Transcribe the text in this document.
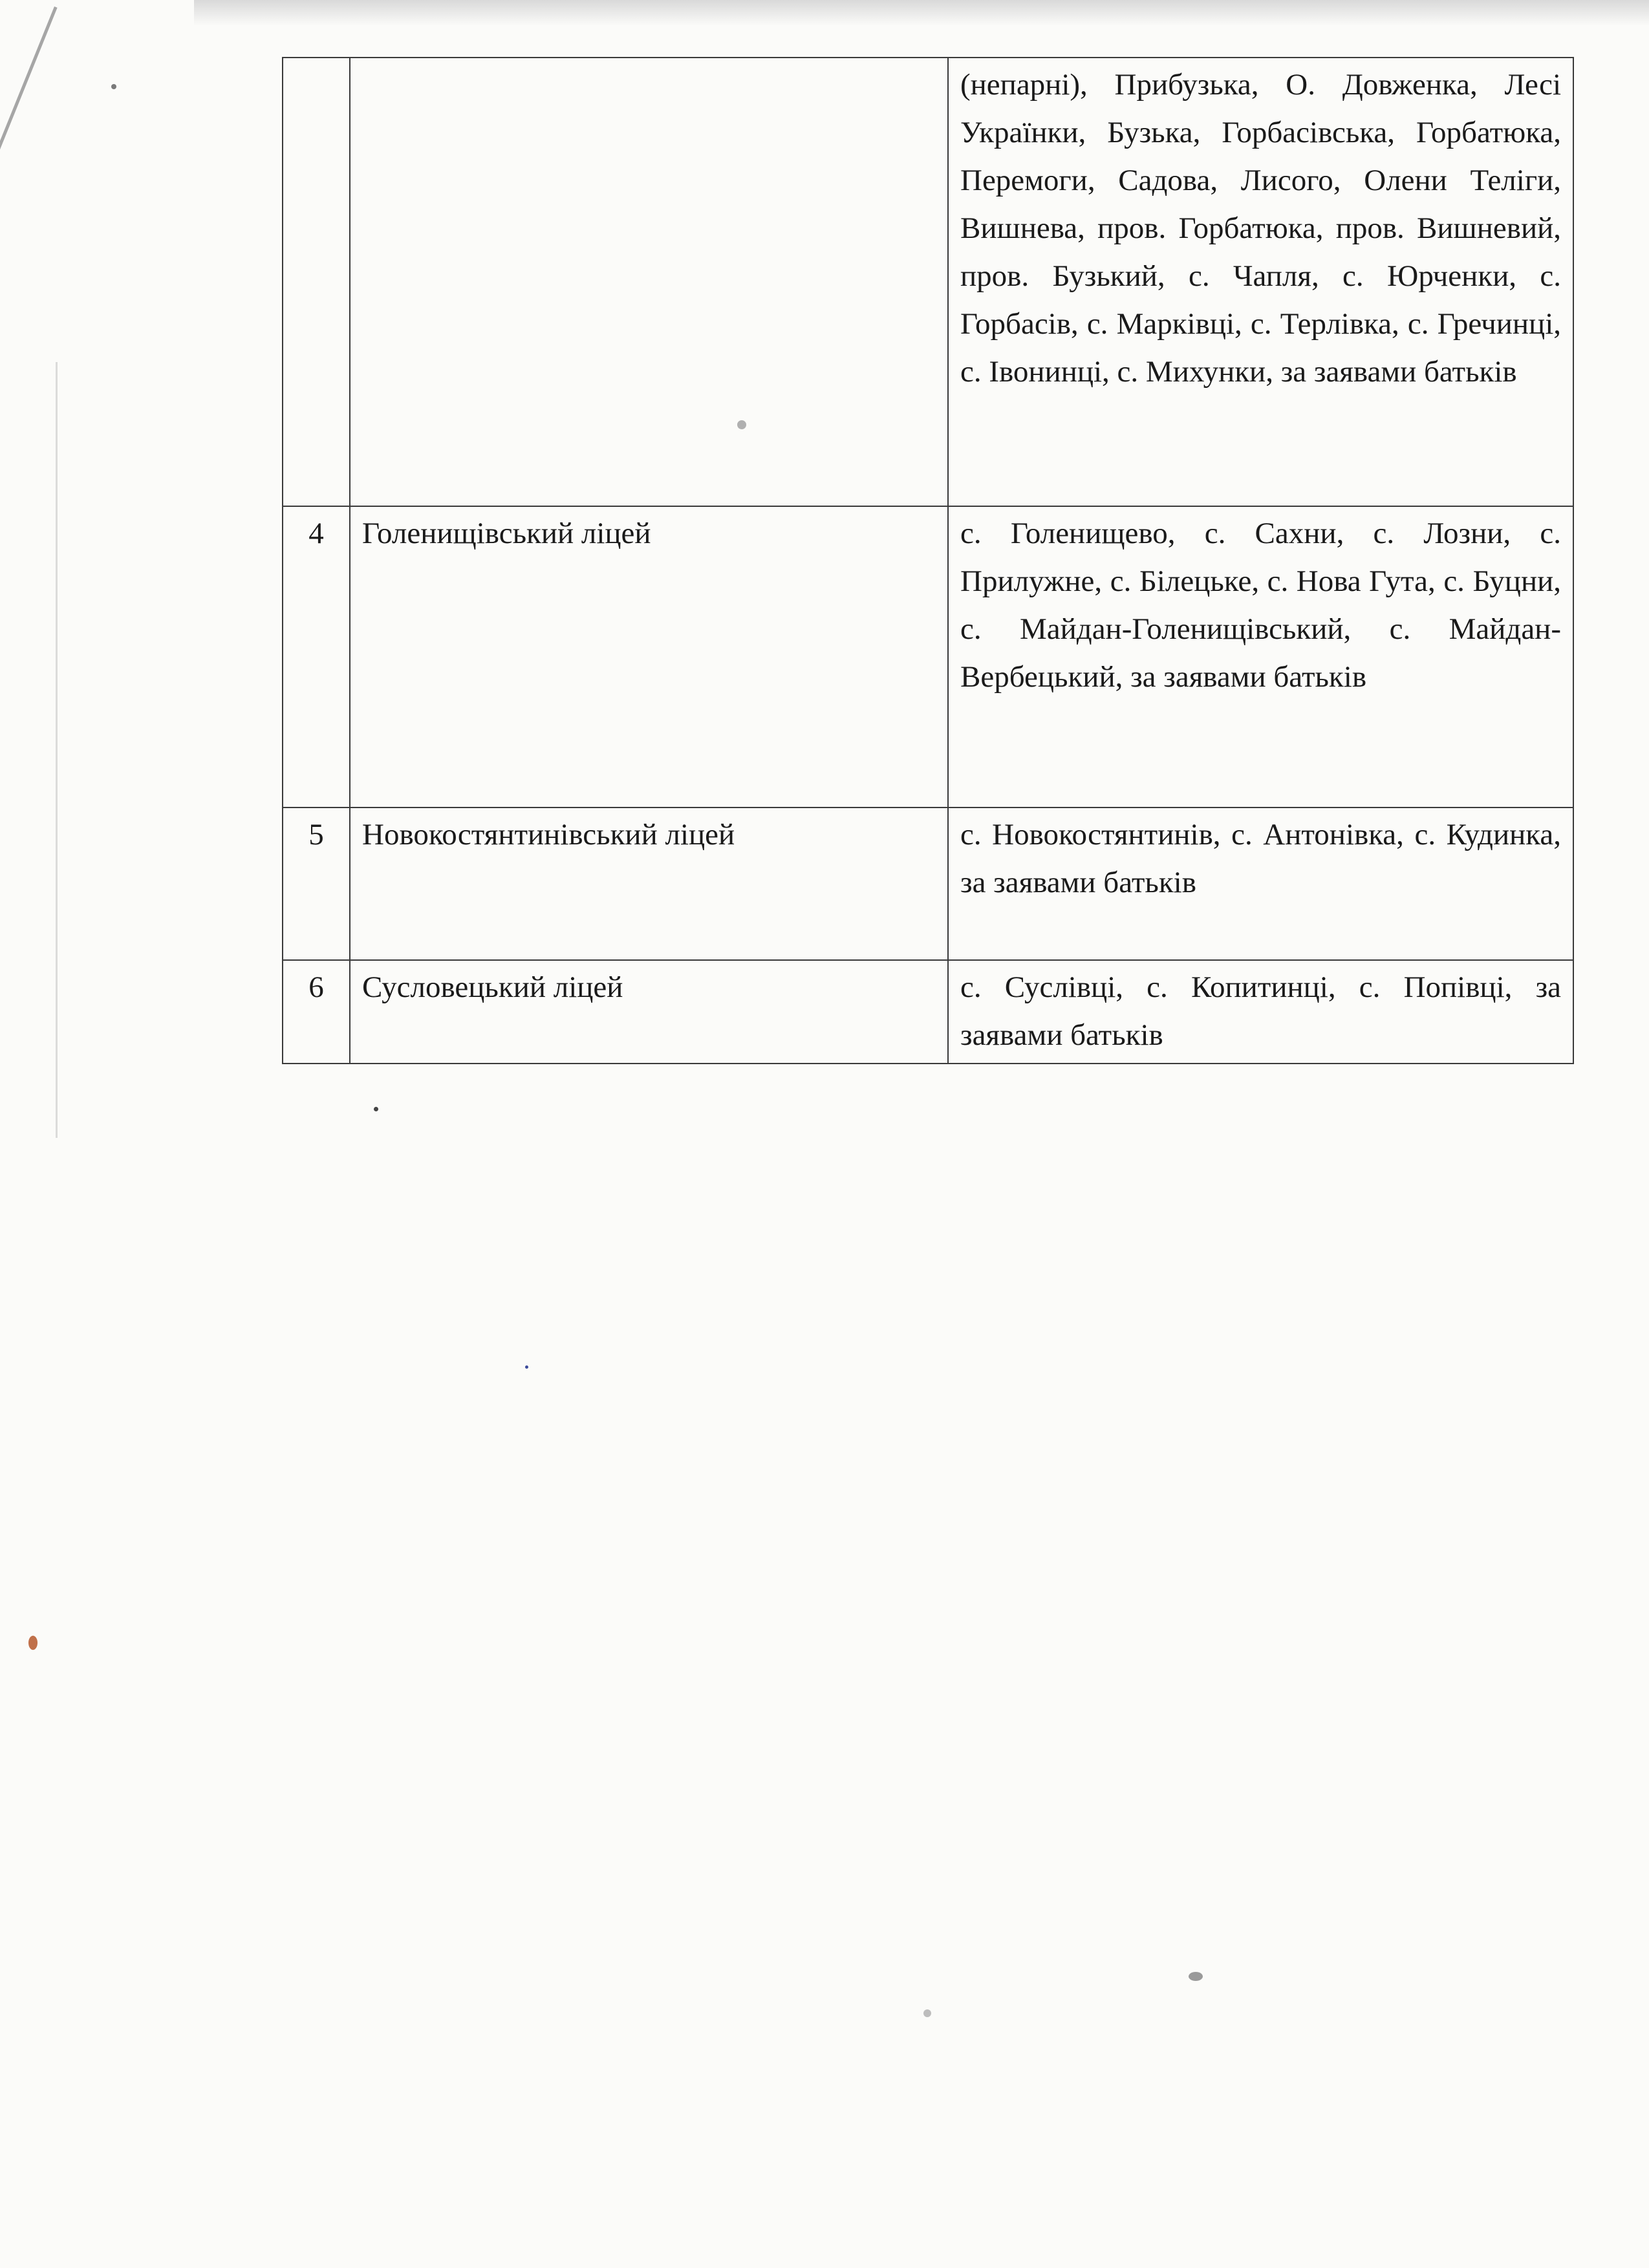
		(непарні), Прибузька, О. Довженка, Лесі Українки, Бузька, Горбасівська, Горбатюка, Перемоги, Садова, Лисого, Олени Теліги, Вишнева, пров. Горбатюка, пров. Вишневий, пров. Бузький, с. Чапля, с. Юрченки, с. Горбасів, с. Марківці, с. Терлівка, с. Гречинці, с. Івонинці, с. Михунки, за заявами батьків
4	Голенищівський ліцей	с. Голенищево, с. Сахни, с. Лозни, с. Прилужне, с. Білецьке, с. Нова Гута, с. Буцни, с. Майдан-Голенищівський, с. Майдан-Вербецький, за заявами батьків
5	Новокостянтинівський ліцей	с. Новокостянтинів, с. Антонівка, с. Кудинка, за заявами батьків
6	Сусловецький ліцей	с. Суслівці, с. Копитинці, с. Попівці, за заявами батьків
